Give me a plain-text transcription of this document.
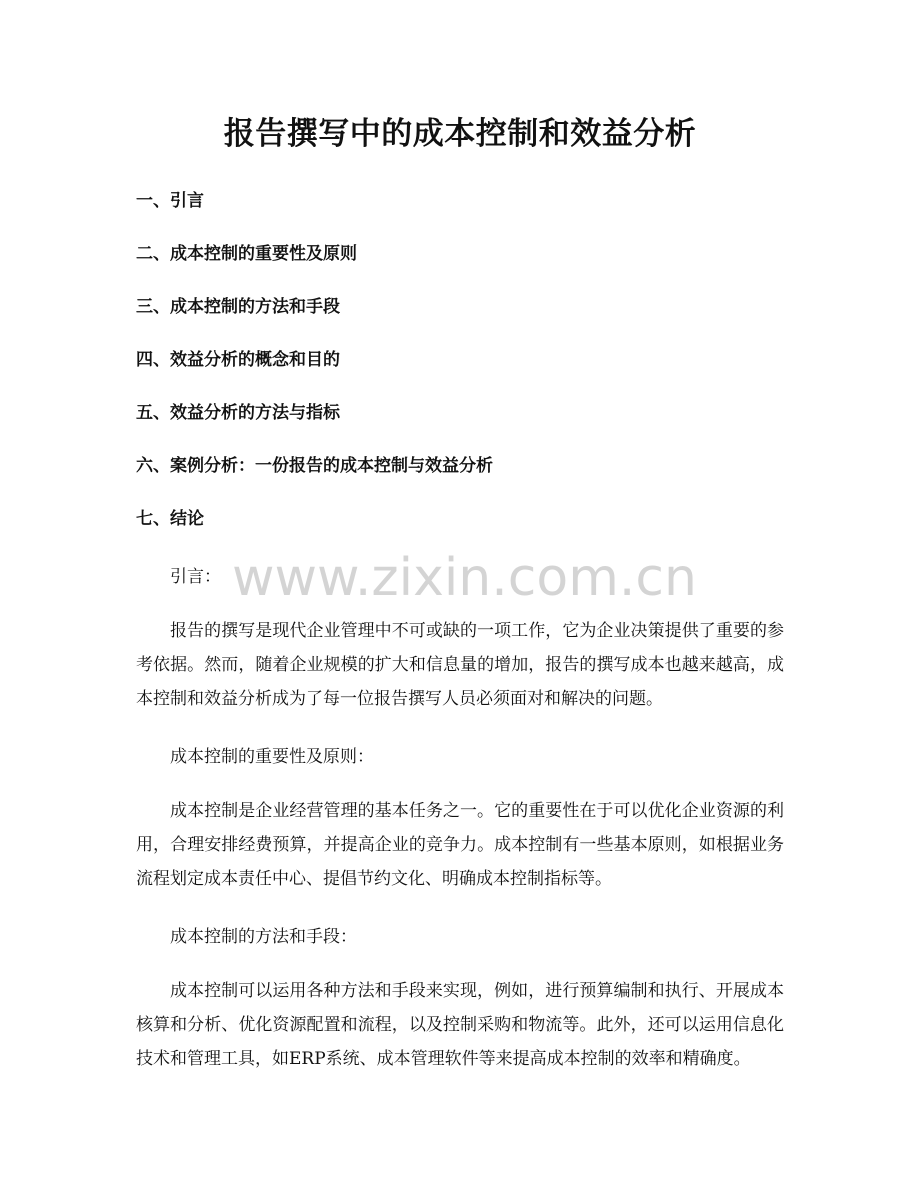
报告撰写中的成本控制和效益分析
一、引言
二、成本控制的重要性及原则
三、成本控制的方法和手段
四、效益分析的概念和目的
五、效益分析的方法与指标
六、案例分析：一份报告的成本控制与效益分析
七、结论
www.zixin.com.cn

引言：

报告的撰写是现代企业管理中不可或缺的一项工作，它为企业决策提供了重要的参考依据。然而，随着企业规模的扩大和信息量的增加，报告的撰写成本也越来越高，成本控制和效益分析成为了每一位报告撰写人员必须面对和解决的问题。

成本控制的重要性及原则：

成本控制是企业经营管理的基本任务之一。它的重要性在于可以优化企业资源的利用，合理安排经费预算，并提高企业的竞争力。成本控制有一些基本原则，如根据业务流程划定成本责任中心、提倡节约文化、明确成本控制指标等。

成本控制的方法和手段：

成本控制可以运用各种方法和手段来实现，例如，进行预算编制和执行、开展成本核算和分析、优化资源配置和流程，以及控制采购和物流等。此外，还可以运用信息化技术和管理工具，如ERP系统、成本管理软件等来提高成本控制的效率和精确度。
